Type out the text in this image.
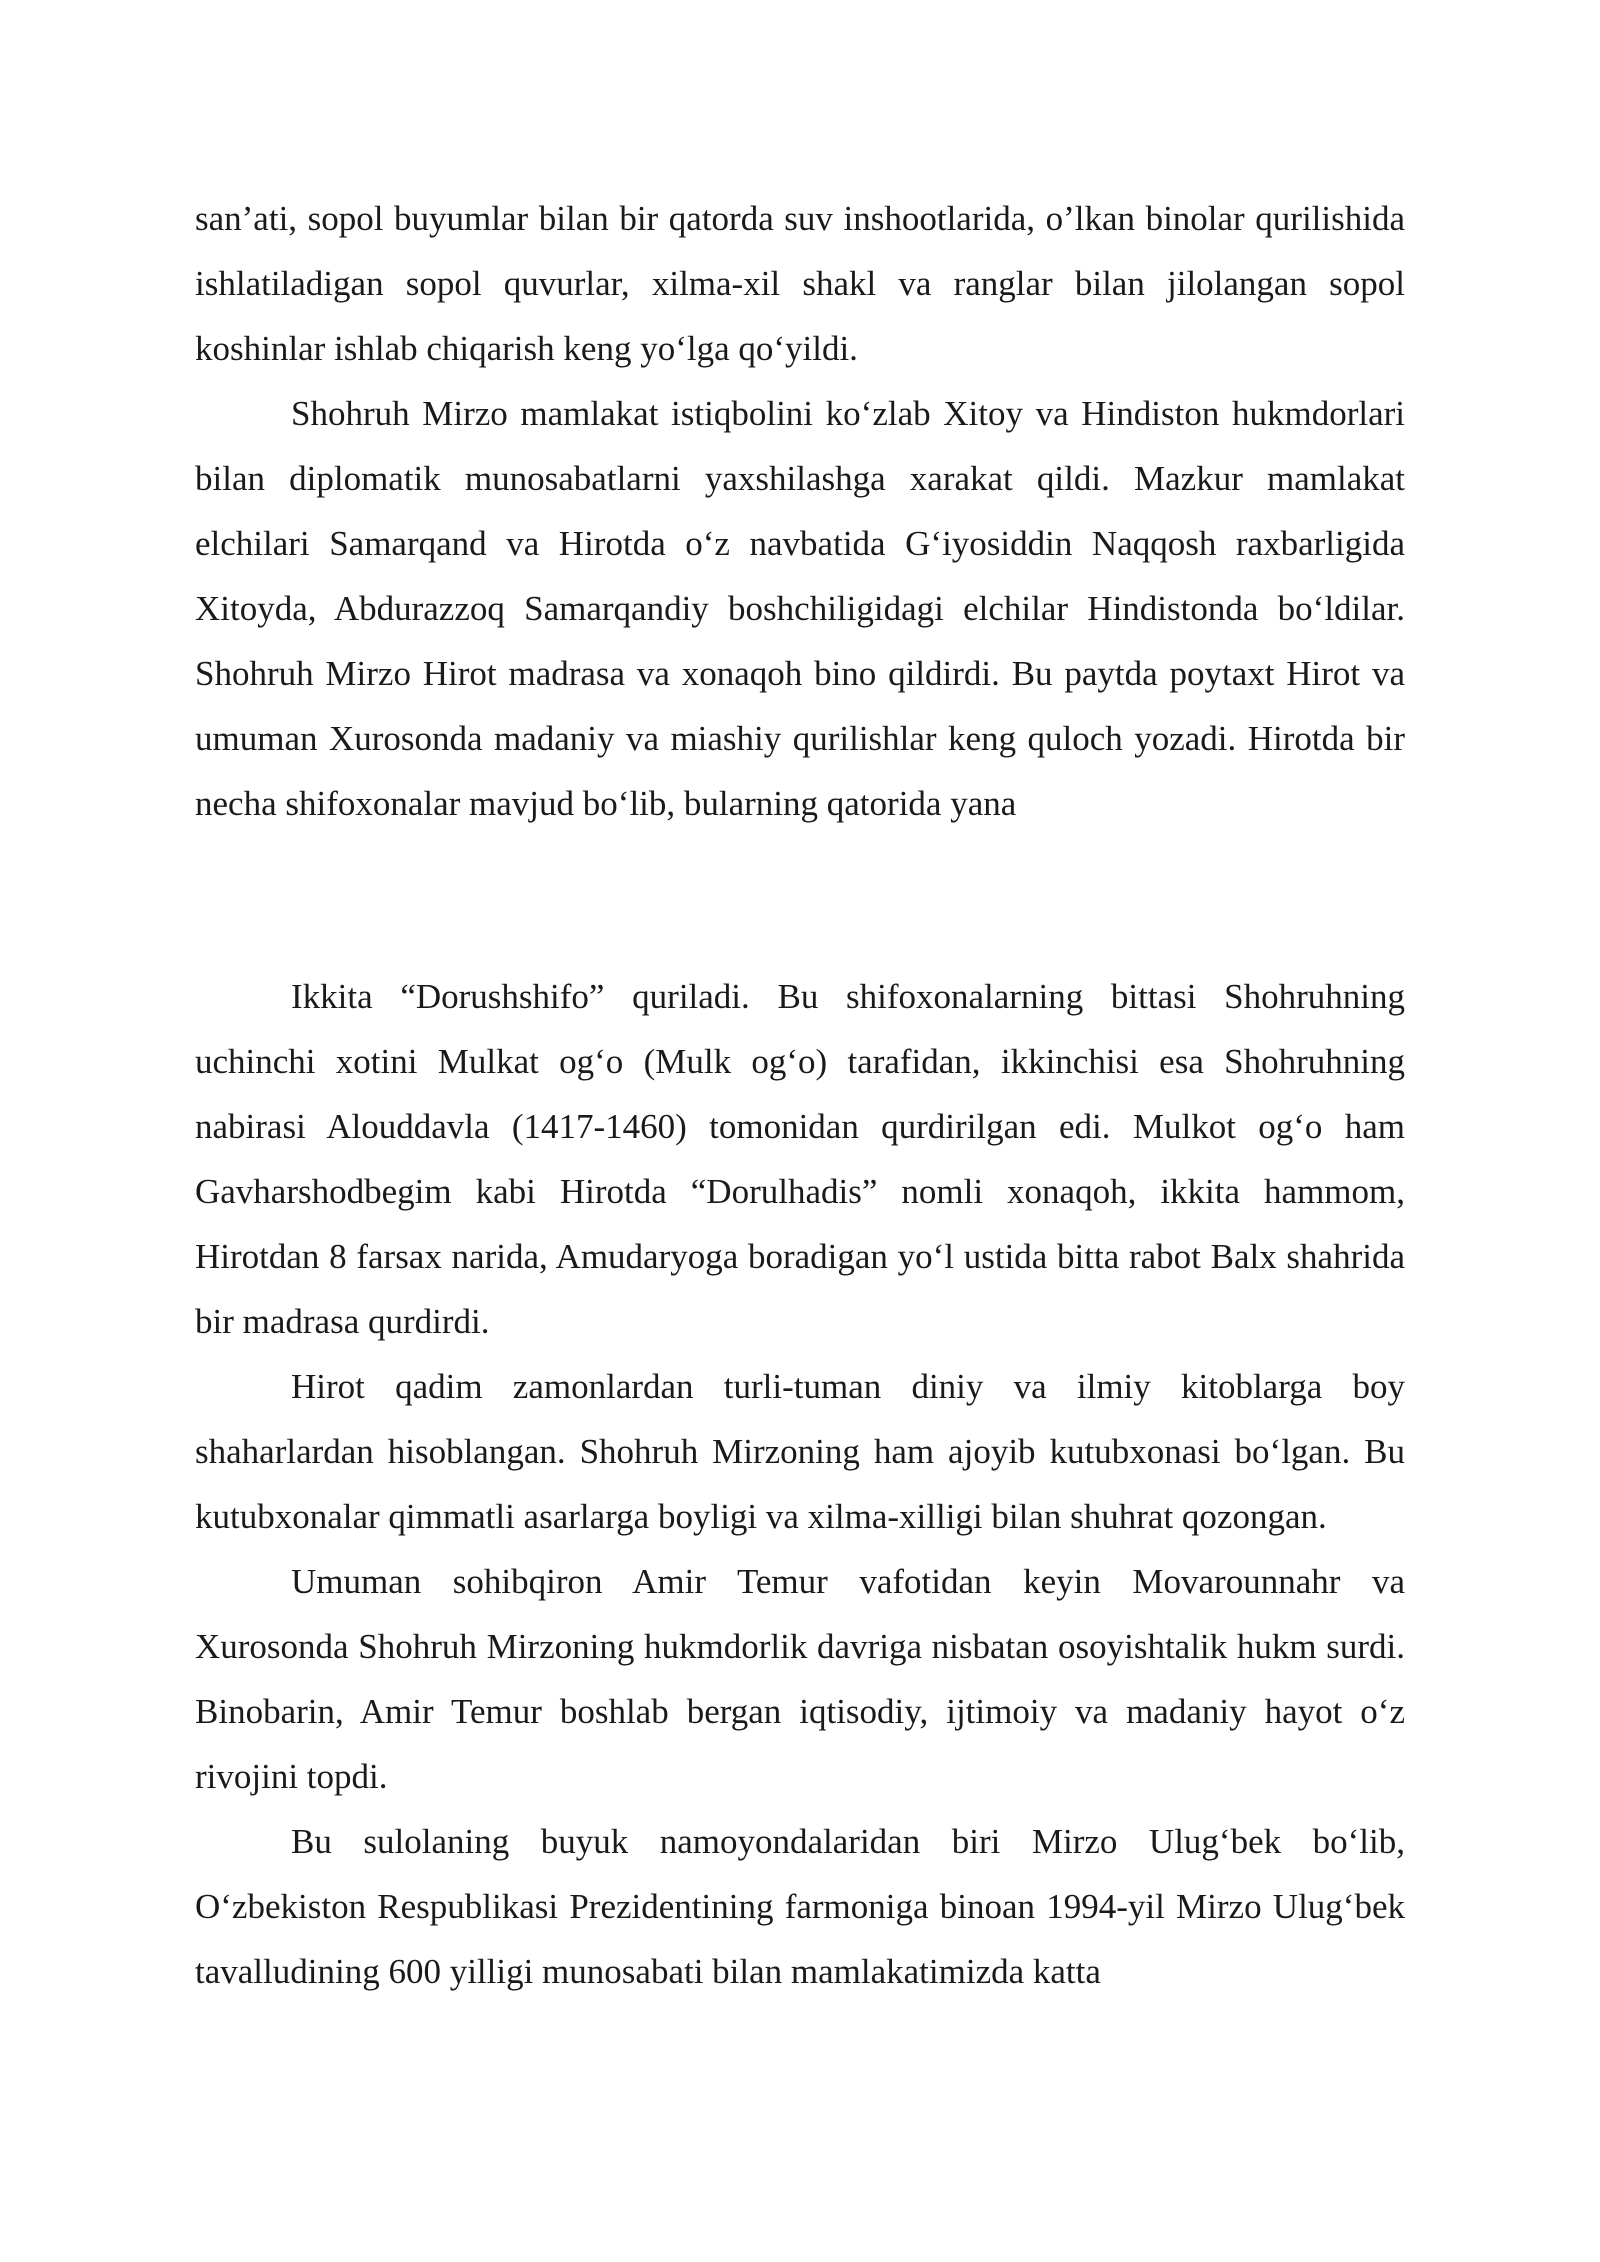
san’ati, sopol buyumlar bilan bir qatorda suv inshootlarida, o’lkan binolar qurilishida ishlatiladigan sopol quvurlar, xilma-xil shakl va ranglar bilan jilolangan sopol koshinlar ishlab chiqarish keng yo‘lga qo‘yildi.

Shohruh Mirzo mamlakat istiqbolini ko‘zlab Xitoy va Hindiston hukmdorlari bilan diplomatik munosabatlarni yaxshilashga xarakat qildi. Mazkur mamlakat elchilari Samarqand va Hirotda o‘z navbatida G‘iyosiddin Naqqosh raxbarligida Xitoyda, Abdurazzoq Samarqandiy boshchiligidagi elchilar Hindistonda bo‘ldilar. Shohruh Mirzo Hirot madrasa va xonaqoh bino qildirdi. Bu paytda poytaxt Hirot va umuman Xurosonda madaniy va miashiy qurilishlar keng quloch yozadi. Hirotda bir necha shifoxonalar mavjud bo‘lib, bularning qatorida yana

Ikkita “Dorushshifo” quriladi. Bu shifoxonalarning bittasi Shohruhning uchinchi xotini Mulkat og‘o (Mulk og‘o) tarafidan, ikkinchisi esa Shohruhning nabirasi Alouddavla (1417-1460) tomonidan qurdirilgan edi. Mulkot og‘o ham Gavharshodbegim kabi Hirotda “Dorulhadis” nomli xonaqoh, ikkita hammom, Hirotdan 8 farsax narida, Amudaryoga boradigan yo‘l ustida bitta rabot Balx shahrida bir madrasa qurdirdi.

Hirot qadim zamonlardan turli-tuman diniy va ilmiy kitoblarga boy shaharlardan hisoblangan. Shohruh Mirzoning ham ajoyib kutubxonasi bo‘lgan. Bu kutubxonalar qimmatli asarlarga boyligi va xilma-xilligi bilan shuhrat qozongan.

Umuman sohibqiron Amir Temur vafotidan keyin Movarounnahr va Xurosonda Shohruh Mirzoning hukmdorlik davriga nisbatan osoyishtalik hukm surdi. Binobarin, Amir Temur boshlab bergan iqtisodiy, ijtimoiy va madaniy hayot o‘z rivojini topdi.

Bu sulolaning buyuk namoyondalaridan biri Mirzo Ulug‘bek bo‘lib, O‘zbekiston Respublikasi Prezidentining farmoniga binoan 1994-yil Mirzo Ulug‘bek tavalludining 600 yilligi munosabati bilan mamlakatimizda katta
